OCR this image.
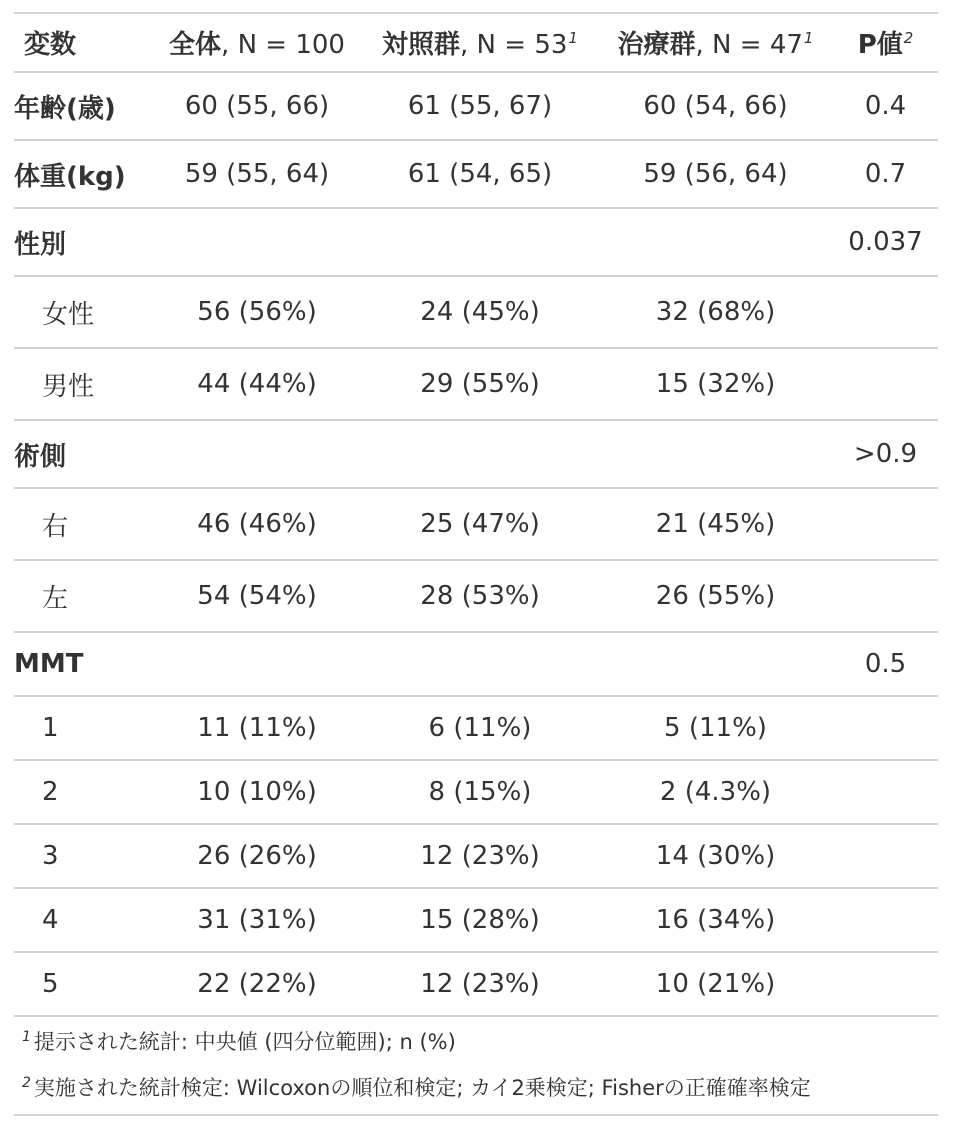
変数	全体, N = 100	対照群, N = 53$^1$	治療群, N = 47$^1$	P値$^2$
年齢(歳)	60 (55, 66)	61 (55, 67)	60 (54, 66)	0.4
体重(kg)	59 (55, 64)	61 (54, 65)	59 (56, 64)	0.7
性別				0.037
女性	56 (56%)	24 (45%)	32 (68%)	
男性	44 (44%)	29 (55%)	15 (32%)	
術側				>0.9
右	46 (46%)	25 (47%)	21 (45%)	
左	54 (54%)	28 (53%)	26 (55%)	
MMT				0.5
1	11 (11%)	6 (11%)	5 (11%)	
2	10 (10%)	8 (15%)	2 (4.3%)	
3	26 (26%)	12 (23%)	14 (30%)	
4	31 (31%)	15 (28%)	16 (34%)	
5	22 (22%)	12 (23%)	10 (21%)	
$^1$ 提示された統計: 中央値 (四分位範囲); n (%)
$^2$ 実施された統計検定: Wilcoxonの順位和検定; カイ2乗検定; Fisherの正確確率検定
